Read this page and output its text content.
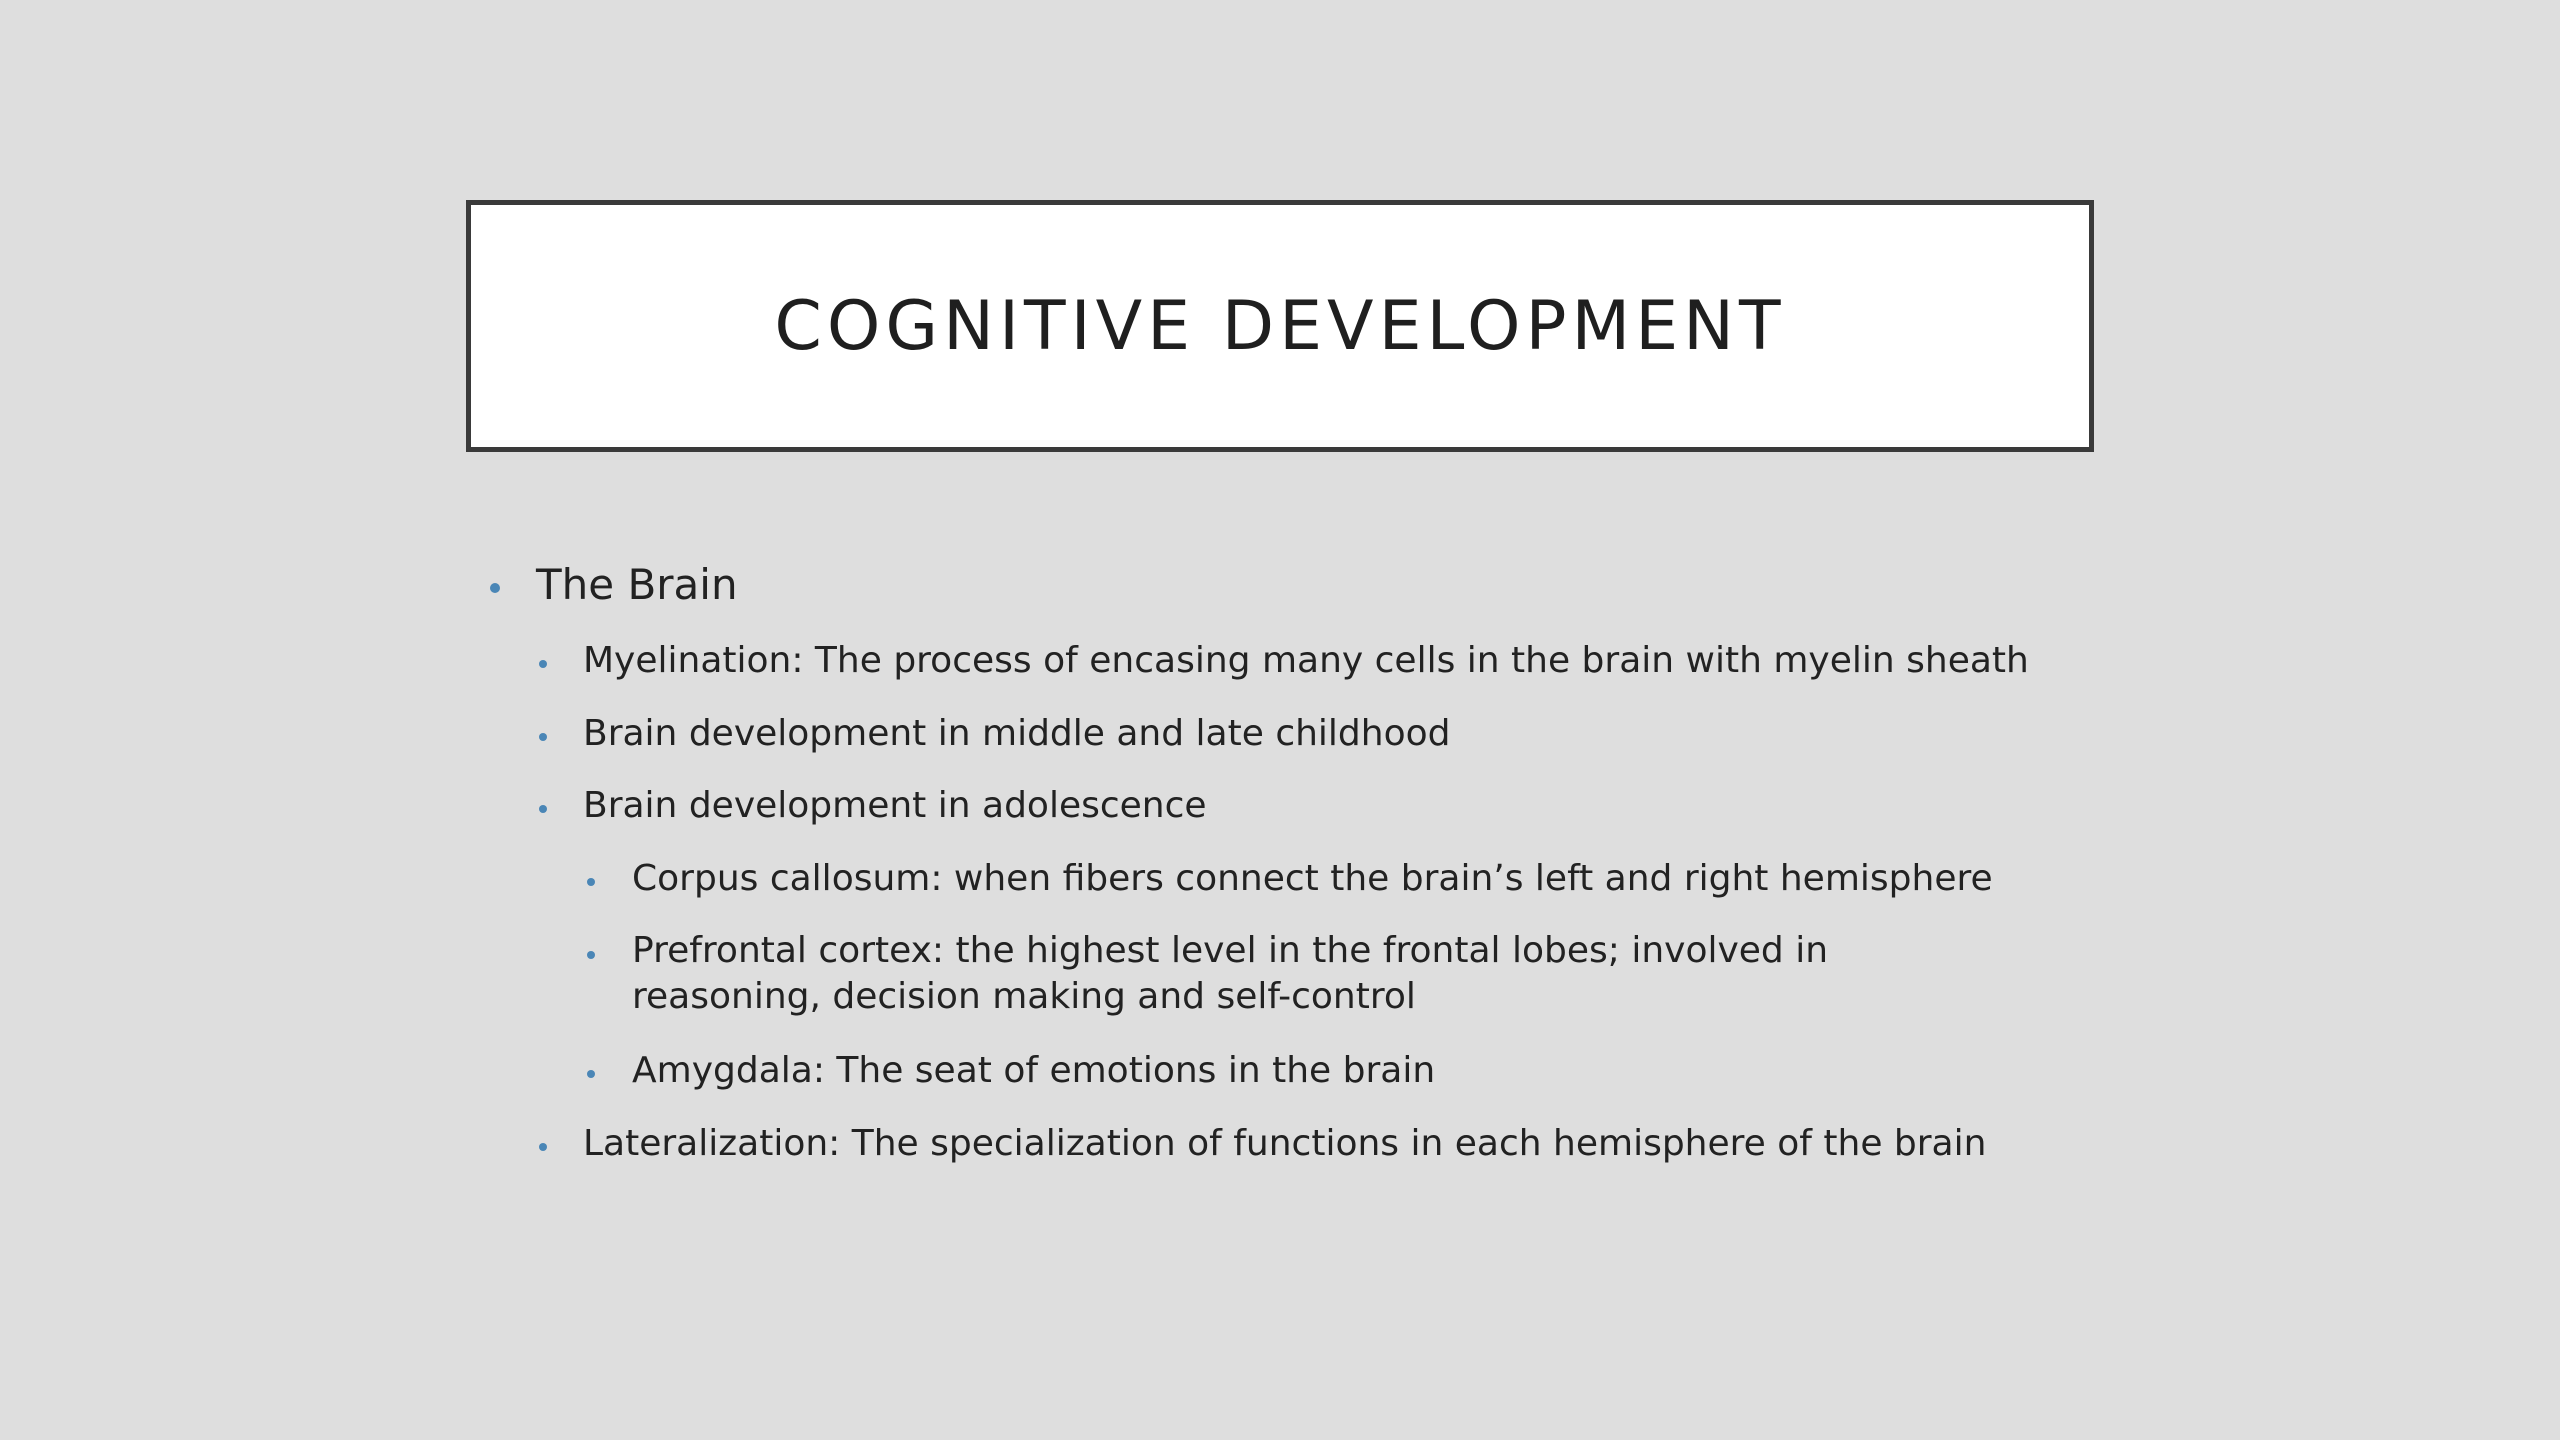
COGNITIVE DEVELOPMENT
The Brain
Myelination: The process of encasing many cells in the brain with myelin sheath
Brain development in middle and late childhood
Brain development in adolescence
Corpus callosum: when fibers connect the brain’s left and right hemisphere
Prefrontal cortex: the highest level in the frontal lobes; involved in reasoning, decision making and self-control
Amygdala: The seat of emotions in the brain
Lateralization: The specialization of functions in each hemisphere of the brain
